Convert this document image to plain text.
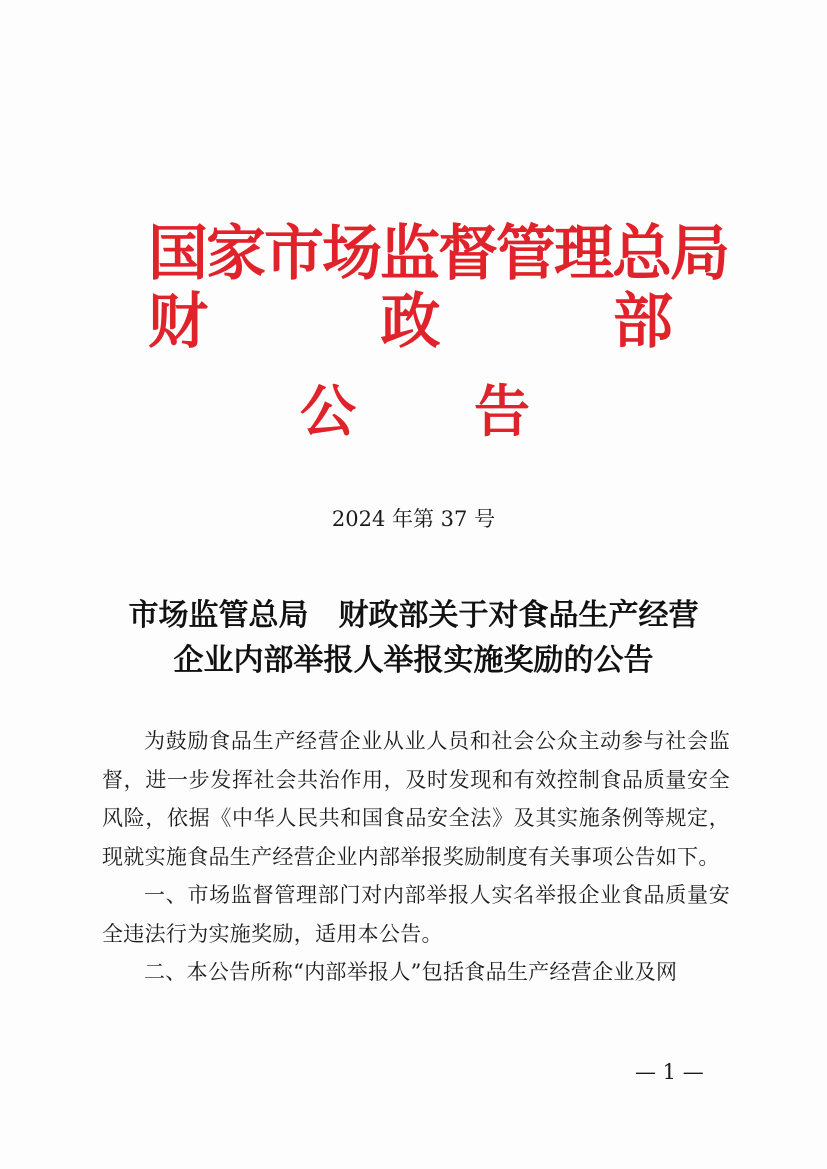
国家市场监督管理总局
财	政	部
公 告
2024 年第 37 号
市场监管总局　财政部关于对食品生产经营
企业内部举报人举报实施奖励的公告

为鼓励食品生产经营企业从业人员和社会公众主动参与社会监督，进一步发挥社会共治作用，及时发现和有效控制食品质量安全风险，依据《中华人民共和国食品安全法》及其实施条例等规定，现就实施食品生产经营企业内部举报奖励制度有关事项公告如下。

一、市场监督管理部门对内部举报人实名举报企业食品质量安全违法行为实施奖励，适用本公告。

二、本公告所称“内部举报人”包括食品生产经营企业及网

— 1 —
